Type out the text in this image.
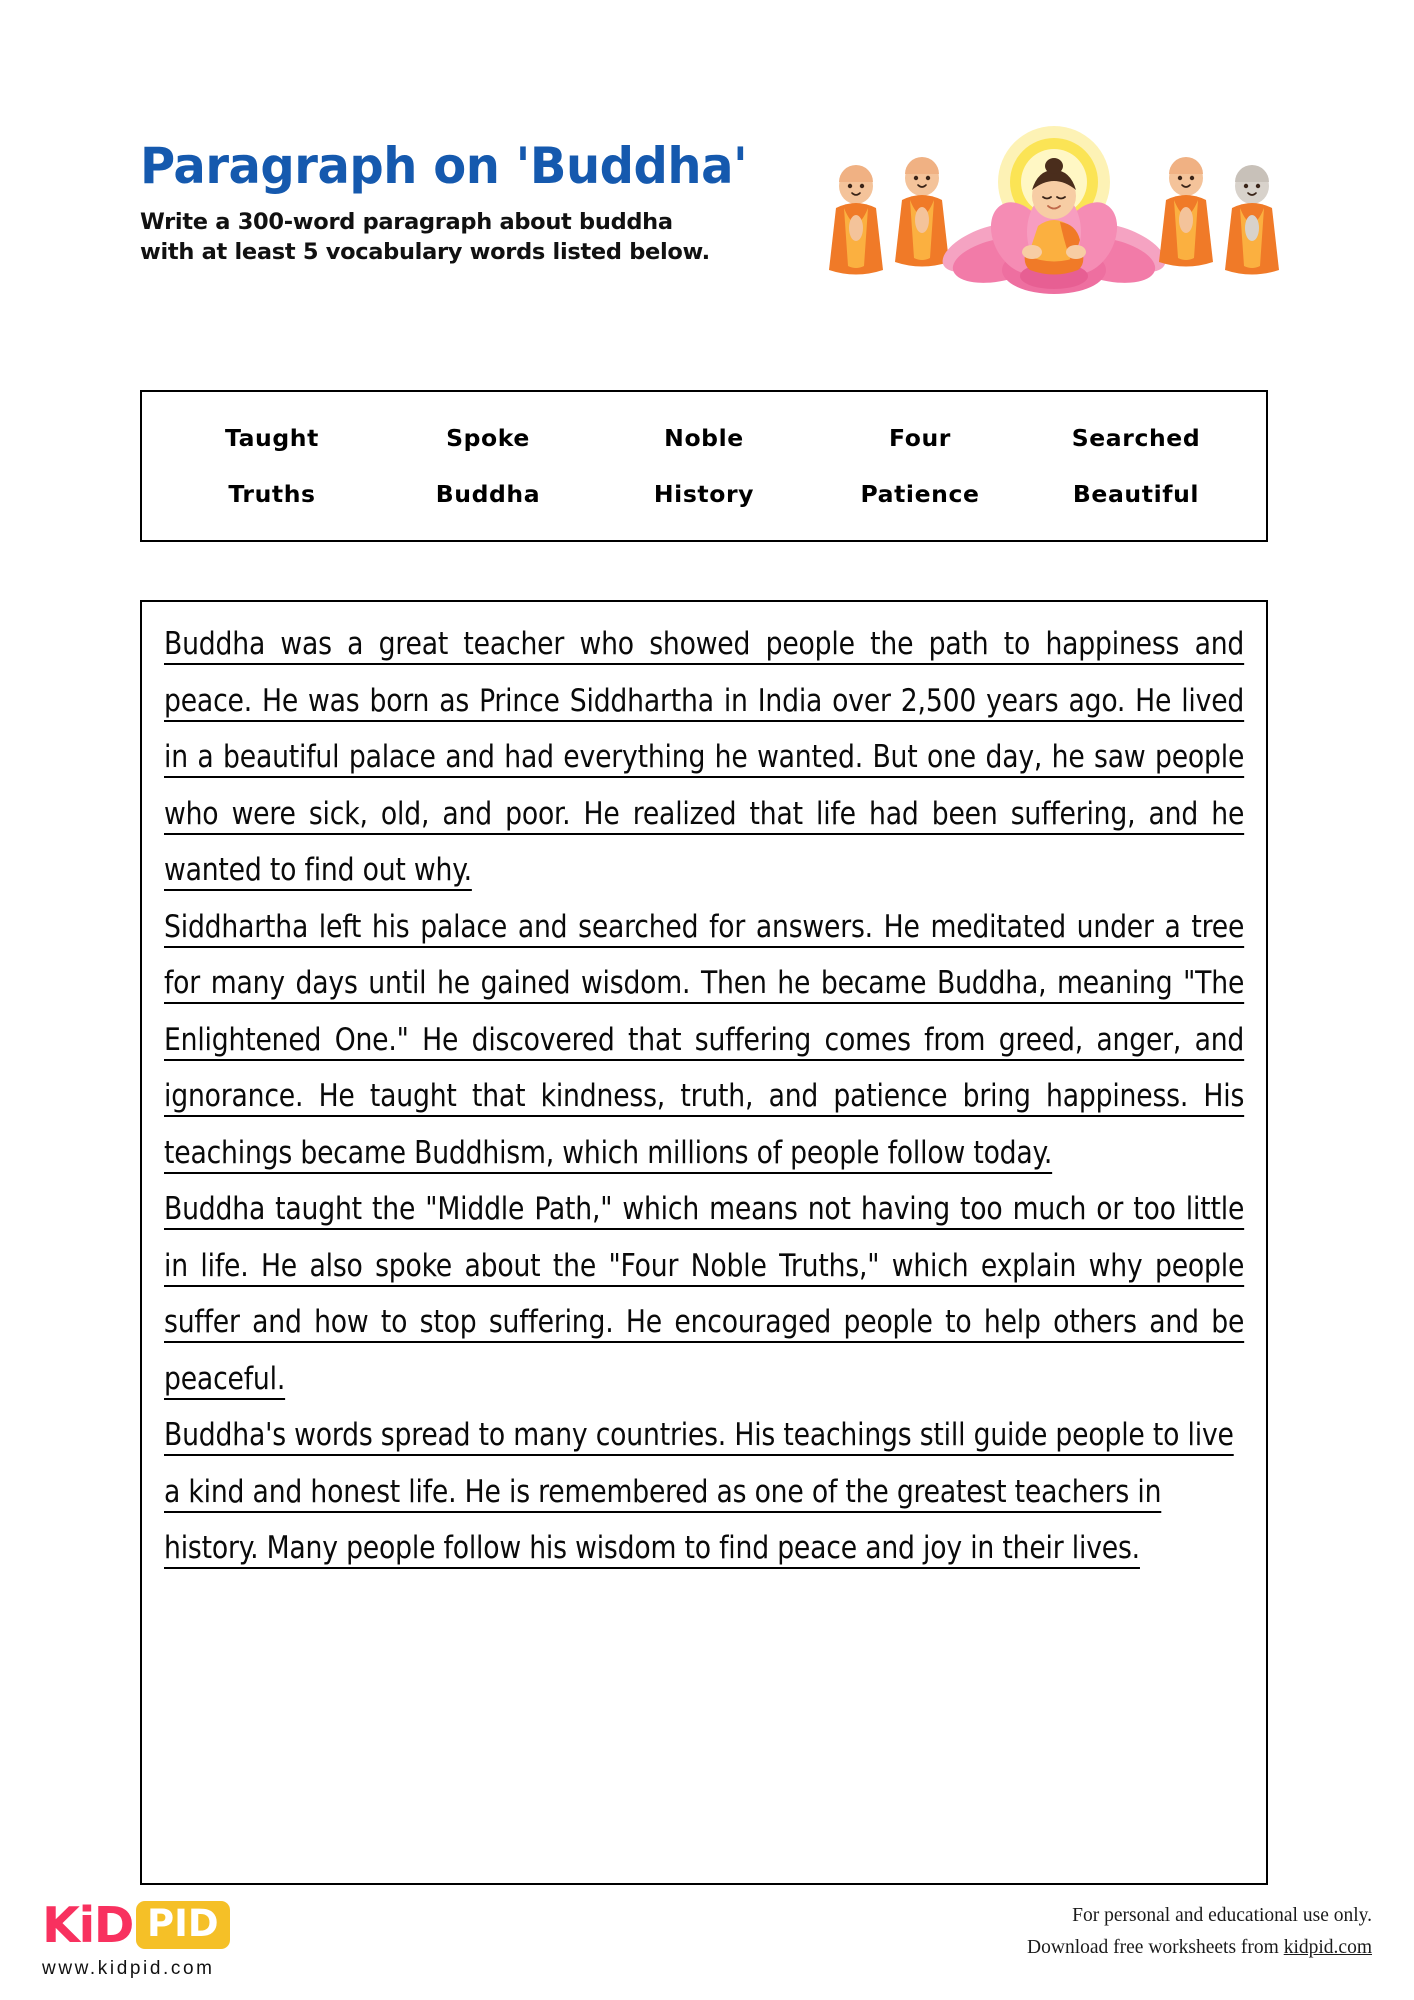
Paragraph on 'Buddha'
Write a 300-word paragraph about buddha
with at least 5 vocabulary words listed below.
Taught	Spoke	Noble	Four	Searched
Truths	Buddha	History	Patience	Beautiful

Buddha was a great teacher who showed people the path to happiness and peace. He was born as Prince Siddhartha in India over 2,500 years ago. He lived in a beautiful palace and had everything he wanted. But one day, he saw people who were sick, old, and poor. He realized that life had been suffering, and he wanted to find out why.

Siddhartha left his palace and searched for answers. He meditated under a tree for many days until he gained wisdom. Then he became Buddha, meaning "The Enlightened One." He discovered that suffering comes from greed, anger, and ignorance. He taught that kindness, truth, and patience bring happiness. His teachings became Buddhism, which millions of people follow today.

Buddha taught the "Middle Path," which means not having too much or too little in life. He also spoke about the "Four Noble Truths," which explain why people suffer and how to stop suffering. He encouraged people to help others and be peaceful.

Buddha's words spread to many countries. His teachings still guide people to live a kind and honest life. He is remembered as one of the greatest teachers in history. Many people follow his wisdom to find peace and joy in their lives.

KiD PID
www.kidpid.com
For personal and educational use only.
Download free worksheets from kidpid.com
